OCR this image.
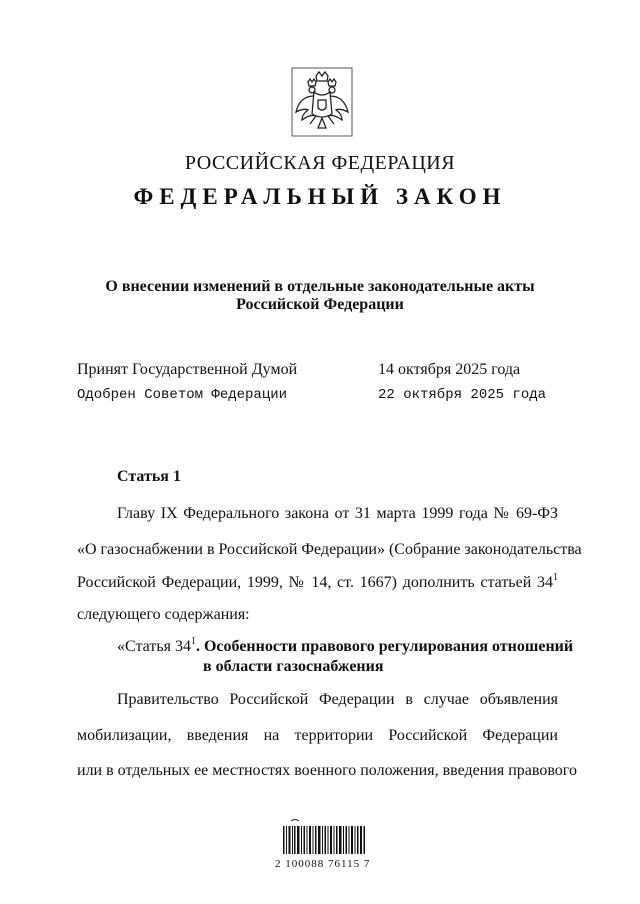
РОССИЙСКАЯ ФЕДЕРАЦИЯ
ФЕДЕРАЛЬНЫЙ ЗАКОН
О внесении изменений в отдельные законодательные акты
Российской Федерации
Принят Государственной Думой	14 октября 2025 года
Одобрен Советом Федерации	22 октября 2025 года
Статья 1
Главу IX Федерального закона от 31 марта 1999 года № 69-ФЗ
«О газоснабжении в Российской Федерации» (Собрание законодательства
Российской Федерации, 1999, № 14, ст. 1667) дополнить статьей $34^1$
следующего содержания:
«Статья $34^1$. Особенности правового регулирования отношений
в области газоснабжения
Правительство Российской Федерации в случае объявления
мобилизации, введения на территории Российской Федерации
или в отдельных ее местностях военного положения, введения правового
2 100088 76115 7
